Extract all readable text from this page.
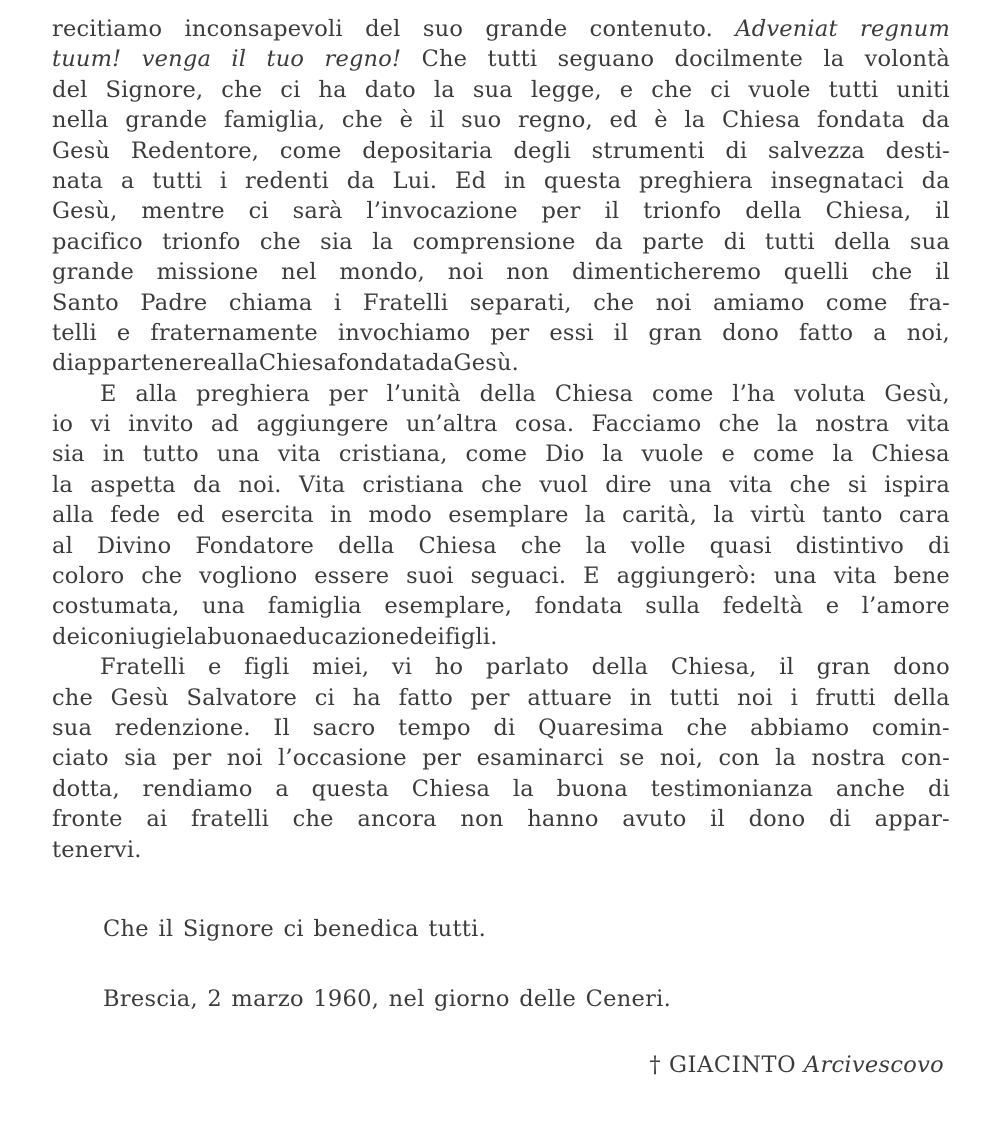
recitiamo inconsapevoli del suo grande contenuto. Adveniat regnum
tuum! venga il tuo regno! Che tutti seguano docilmente la volontà
del Signore, che ci ha dato la sua legge, e che ci vuole tutti uniti
nella grande famiglia, che è il suo regno, ed è la Chiesa fondata da
Gesù Redentore, come depositaria degli strumenti di salvezza desti-
nata a tutti i redenti da Lui. Ed in questa preghiera insegnataci da
Gesù, mentre ci sarà l’invocazione per il trionfo della Chiesa, il
pacifico trionfo che sia la comprensione da parte di tutti della sua
grande missione nel mondo, noi non dimenticheremo quelli che il
Santo Padre chiama i Fratelli separati, che noi amiamo come fra-
telli e fraternamente invochiamo per essi il gran dono fatto a noi,
di appartenere alla Chiesa fondata da Gesù.
E alla preghiera per l’unità della Chiesa come l’ha voluta Gesù,
io vi invito ad aggiungere un’altra cosa. Facciamo che la nostra vita
sia in tutto una vita cristiana, come Dio la vuole e come la Chiesa
la aspetta da noi. Vita cristiana che vuol dire una vita che si ispira
alla fede ed esercita in modo esemplare la carità, la virtù tanto cara
al Divino Fondatore della Chiesa che la volle quasi distintivo di
coloro che vogliono essere suoi seguaci. E aggiungerò: una vita bene
costumata, una famiglia esemplare, fondata sulla fedeltà e l’amore
dei coniugi e la buona educazione dei figli.
Fratelli e figli miei, vi ho parlato della Chiesa, il gran dono
che Gesù Salvatore ci ha fatto per attuare in tutti noi i frutti della
sua redenzione. Il sacro tempo di Quaresima che abbiamo comin-
ciato sia per noi l’occasione per esaminarci se noi, con la nostra con-
dotta, rendiamo a questa Chiesa la buona testimonianza anche di
fronte ai fratelli che ancora non hanno avuto il dono di appar-
tenervi.
Che il Signore ci benedica tutti.
Brescia, 2 marzo 1960, nel giorno delle Ceneri.
† GIACINTO Arcivescovo
